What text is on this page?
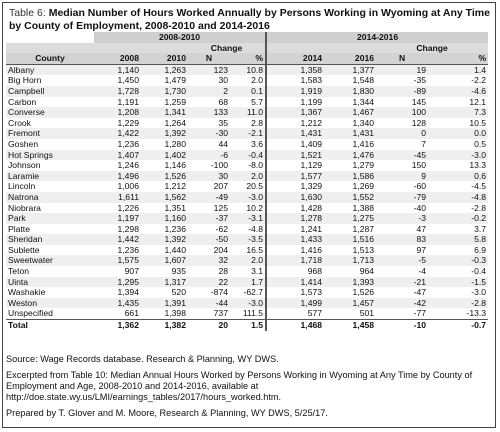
Table 6: Median Number of Hours Worked Annually by Persons Working in Wyoming at Any Time by County of Employment, 2008-2010 and 2014-2016
	2008-2010				2014-2016			
			Change				Change	
County	2008	2010	N	%	2014	2016	N	%
Albany	1,140	1,263	123	10.8	1,358	1,377	19	1.4
Big Horn	1,450	1,479	30	2.0	1,583	1,548	-35	-2.2
Campbell	1,728	1,730	2	0.1	1,919	1,830	-89	-4.6
Carbon	1,191	1,259	68	5.7	1,199	1,344	145	12.1
Converse	1,208	1,341	133	11.0	1,367	1,467	100	7.3
Crook	1,229	1,264	35	2.8	1,212	1,340	128	10.5
Fremont	1,422	1,392	-30	-2.1	1,431	1,431	0	0.0
Goshen	1,236	1,280	44	3.6	1,409	1,416	7	0.5
Hot Springs	1,407	1,402	-6	-0.4	1,521	1,476	-45	-3.0
Johnson	1,246	1,146	-100	-8.0	1,129	1,279	150	13.3
Laramie	1,496	1,526	30	2.0	1,577	1,586	9	0.6
Lincoln	1,006	1,212	207	20.5	1,329	1,269	-60	-4.5
Natrona	1,611	1,562	-49	-3.0	1,630	1,552	-79	-4.8
Niobrara	1,226	1,351	125	10.2	1,428	1,388	-40	-2.8
Park	1,197	1,160	-37	-3.1	1,278	1,275	-3	-0.2
Platte	1,298	1,236	-62	-4.8	1,241	1,287	47	3.7
Sheridan	1,442	1,392	-50	-3.5	1,433	1,516	83	5.8
Sublette	1,236	1,440	204	16.5	1,416	1,513	97	6.9
Sweetwater	1,575	1,607	32	2.0	1,718	1,713	-5	-0.3
Teton	907	935	28	3.1	968	964	-4	-0.4
Uinta	1,295	1,317	22	1.7	1,414	1,393	-21	-1.5
Washakie	1,394	520	-874	-62.7	1,573	1,526	-47	-3.0
Weston	1,435	1,391	-44	-3.0	1,499	1,457	-42	-2.8
Unspecified	661	1,398	737	111.5	577	501	-77	-13.3
Total	1,362	1,382	20	1.5	1,468	1,458	-10	-0.7

Source: Wage Records database. Research & Planning, WY DWS.

Excerpted from Table 10: Median Annual Hours Worked by Persons Working in Wyoming at Any Time by County of Employment and Age, 2008-2010 and 2014-2016, available at http://doe.state.wy.us/LMI/earnings_tables/2017/hours_worked.htm.

Prepared by T. Glover and M. Moore, Research & Planning, WY DWS, 5/25/17.
